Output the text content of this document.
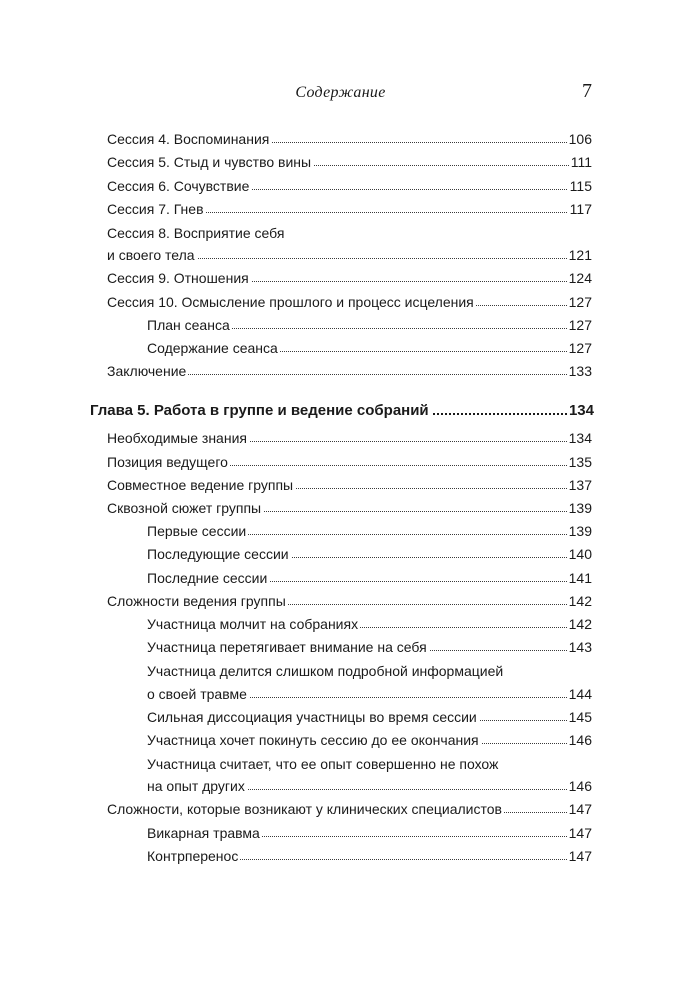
Содержание	7
Сессия 4. Воспоминания	106
Сессия 5. Стыд и чувство вины	111
Сессия 6. Сочувствие	115
Сессия 7. Гнев	117
Сессия 8. Восприятие себя
и своего тела	121
Сессия 9. Отношения	124
Сессия 10. Осмысление прошлого и процесс исцеления	127
План сеанса	127
Содержание сеанса	127
Заключение	133
Глава 5. Работа в группе и ведение собраний	134
Необходимые знания	134
Позиция ведущего	135
Совместное ведение группы	137
Сквозной сюжет группы	139
Первые сессии	139
Последующие сессии	140
Последние сессии	141
Сложности ведения группы	142
Участница молчит на собраниях	142
Участница перетягивает внимание на себя	143
Участница делится слишком подробной информацией
о своей травме	144
Сильная диссоциация участницы во время сессии	145
Участница хочет покинуть сессию до ее окончания	146
Участница считает, что ее опыт совершенно не похож
на опыт других	146
Сложности, которые возникают у клинических специалистов	147
Викарная травма	147
Контрперенос	147
